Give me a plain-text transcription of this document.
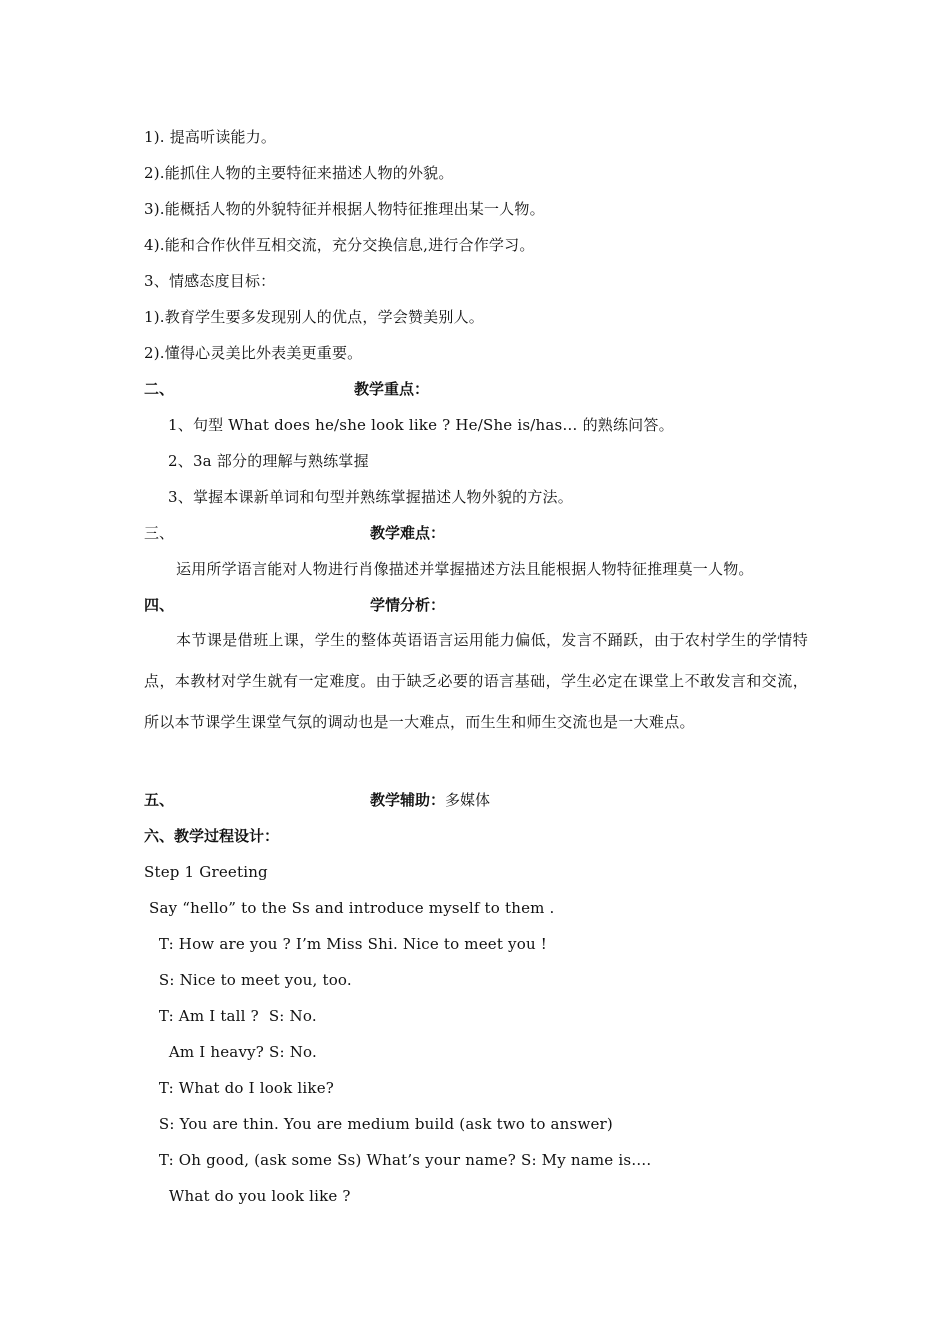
1). 提高听读能力。
2).能抓住人物的主要特征来描述人物的外貌。
3).能概括人物的外貌特征并根据人物特征推理出某一人物。
4).能和合作伙伴互相交流，充分交换信息,进行合作学习。
3、情感态度目标：
1).教育学生要多发现别人的优点，学会赞美别人。
2).懂得心灵美比外表美更重要。
二、	教学重点：
1、句型 What does he/she look like ? He/She is/has… 的熟练问答。
2、3a 部分的理解与熟练掌握
3、掌握本课新单词和句型并熟练掌握描述人物外貌的方法。
三、	教学难点：
运用所学语言能对人物进行肖像描述并掌握描述方法且能根据人物特征推理莫一人物。
四、	学情分析：
本节课是借班上课，学生的整体英语语言运用能力偏低，发言不踊跃，由于农村学生的学情特点，本教材对学生就有一定难度。由于缺乏必要的语言基础，学生必定在课堂上不敢发言和交流，所以本节课学生课堂气氛的调动也是一大难点，而生生和师生交流也是一大难点。
五、	教学辅助：多媒体
六、教学过程设计：
Step 1 Greeting
Say “hello” to the Ss and introduce myself to them .
T: How are you ? I’m Miss Shi. Nice to meet you !
S: Nice to meet you, too.
T: Am I tall ?  S: No.
Am I heavy? S: No.
T: What do I look like?
S: You are thin. You are medium build (ask two to answer)
T: Oh good, (ask some Ss) What’s your name? S: My name is….
What do you look like ?
